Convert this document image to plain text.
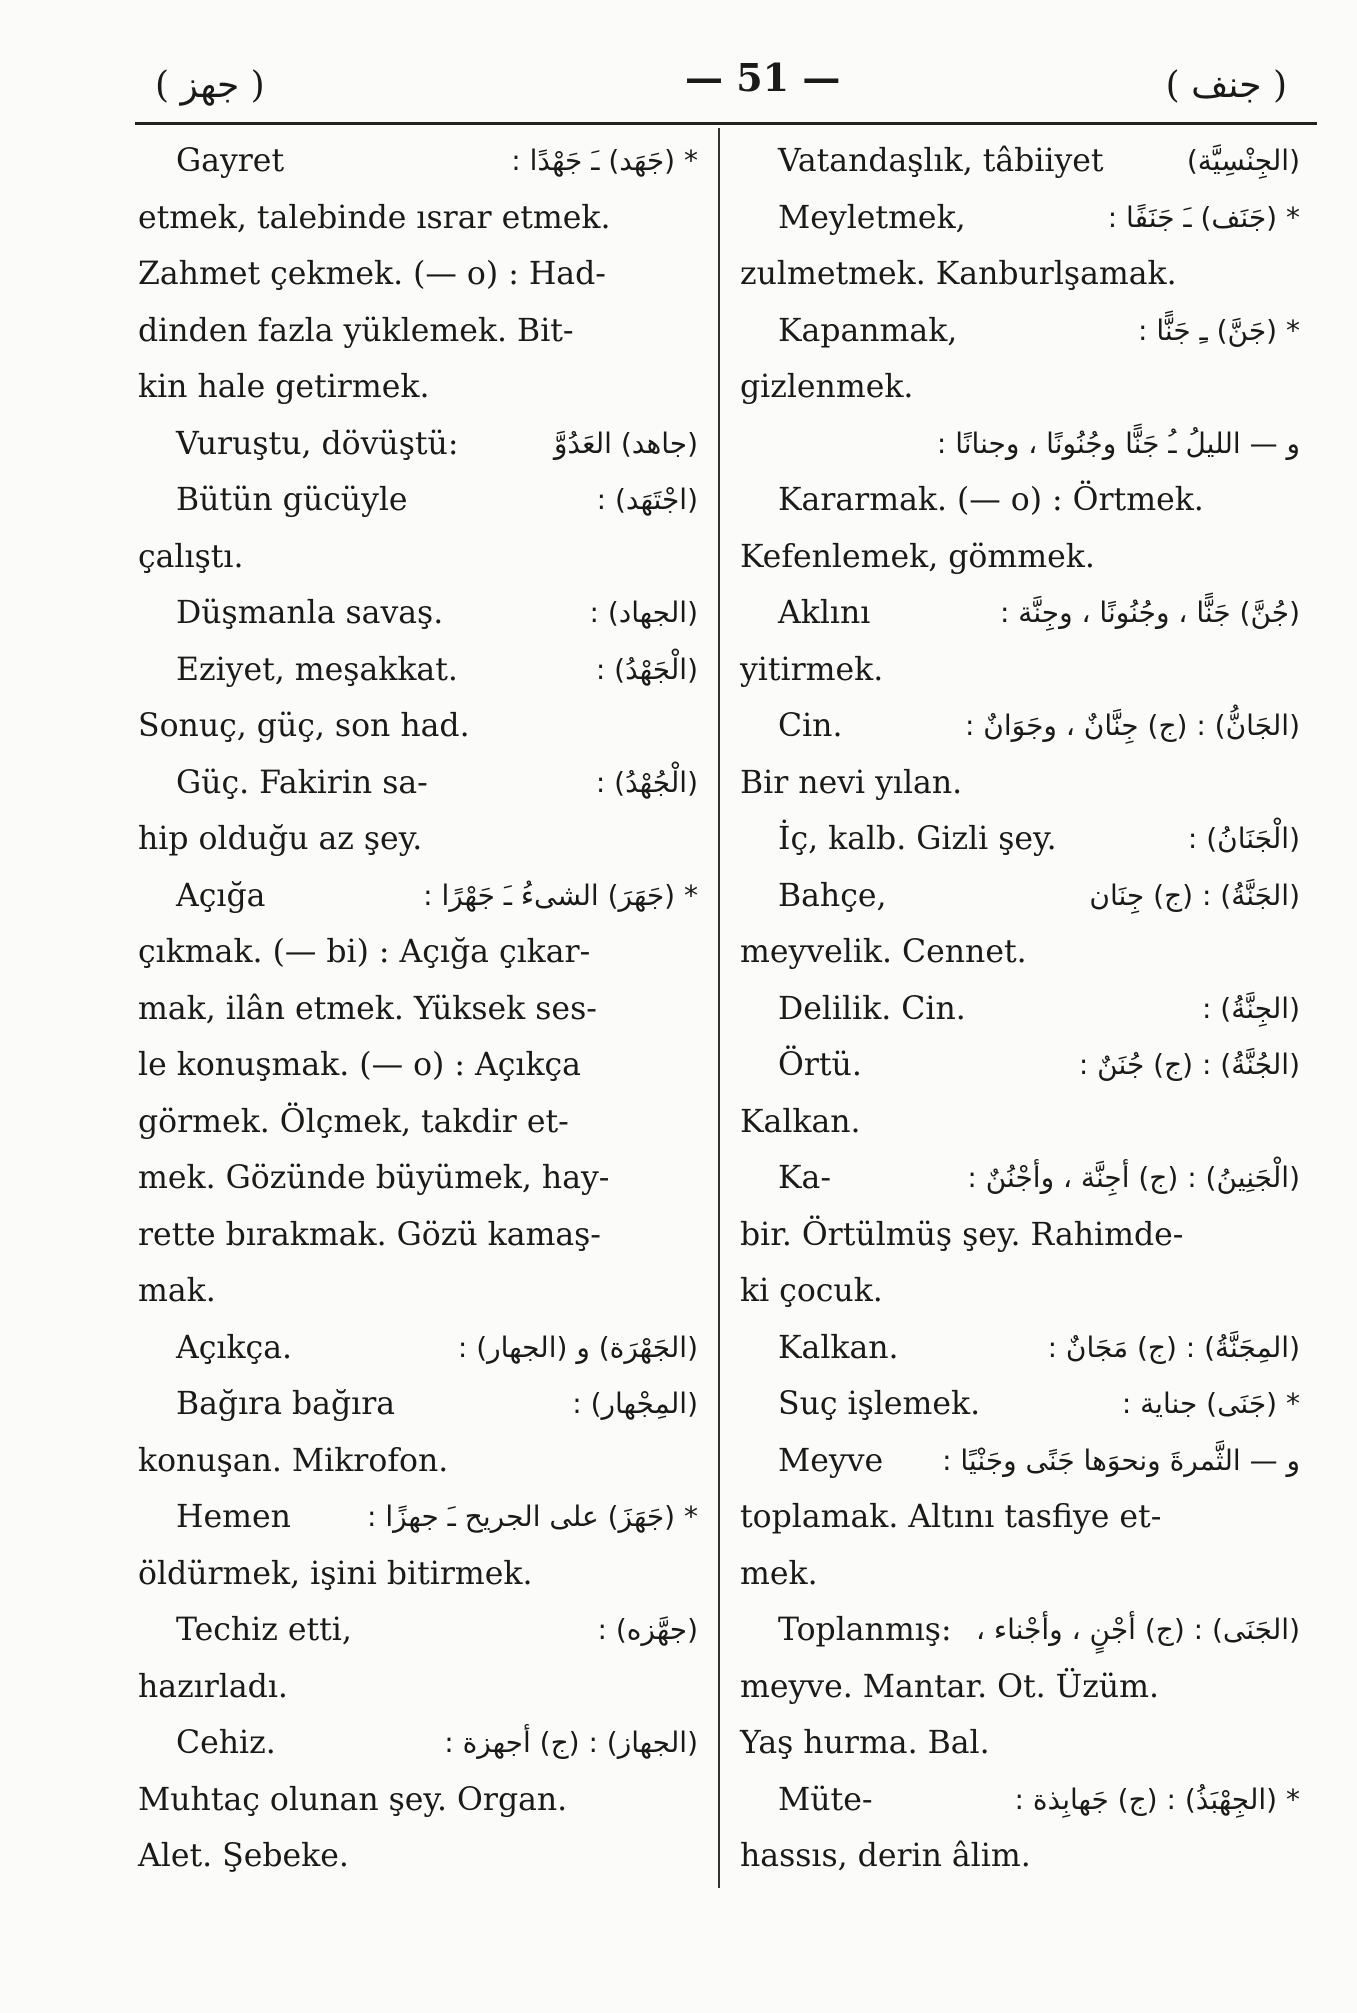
( جهز )	— 51 —	( جنف )
Gayret	* (جَهَد) ـَ جَهْدًا :
etmek, talebinde ısrar etmek.
Zahmet çekmek. (— o) : Had-
dinden fazla yüklemek. Bit-
kin hale getirmek.
Vuruştu, dövüştü:	(جاهد) العَدُوَّ
Bütün gücüyle	(اجْتَهَد) :
çalıştı.
Düşmanla savaş.	(الجهاد) :
Eziyet, meşakkat.	(الْجَهْدُ) :
Sonuç, güç, son had.
Güç. Fakirin sa-	(الْجُهْدُ) :
hip olduğu az şey.
Açığa	* (جَهَرَ) الشىءُ ـَ جَهْرًا :
çıkmak. (— bi) : Açığa çıkar-
mak, ilân etmek. Yüksek ses-
le konuşmak. (— o) : Açıkça
görmek. Ölçmek, takdir et-
mek. Gözünde büyümek, hay-
rette bırakmak. Gözü kamaş-
mak.
Açıkça.	(الجَهْرَة) و (الجهار) :
Bağıra bağıra	(المِجْهار) :
konuşan. Mikrofon.
Hemen	* (جَهَزَ) على الجريح ـَ جهزًا :
öldürmek, işini bitirmek.
Techiz etti,	(جهَّزه) :
hazırladı.
Cehiz.	(الجهاز) : (ج) أجهزة :
Muhtaç olunan şey. Organ.
Alet. Şebeke.
Vatandaşlık, tâbiiyet	(الجِنْسِيَّة)
Meyletmek,	* (جَنَف) ـَ جَنَفًا :
zulmetmek. Kanburlşamak.
Kapanmak,	* (جَنَّ) ـِ جَنًّا :
gizlenmek.
و — الليلُ ـُ جَنًّا وجُنُونًا ، وجنانًا :
Kararmak. (— o) : Örtmek.
Kefenlemek, gömmek.
Aklını	(جُنَّ) جَنًّا ، وجُنُونًا ، وجِنَّة :
yitirmek.
Cin.	(الجَانُّ) : (ج) جِنَّانٌ ، وجَوَانٌ :
Bir nevi yılan.
İç, kalb. Gizli şey.	(الْجَنَانُ) :
Bahçe,	(الجَنَّةُ) : (ج) جِنَان
meyvelik. Cennet.
Delilik. Cin.	(الجِنَّةُ) :
Örtü.	(الجُنَّةُ) : (ج) جُنَنٌ :
Kalkan.
Ka-	(الْجَنِينُ) : (ج) أجِنَّة ، وأجْنُنٌ :
bir. Örtülmüş şey. Rahimde-
ki çocuk.
Kalkan.	(المِجَنَّةُ) : (ج) مَجَانٌ :
Suç işlemek.	* (جَنَى) جناية :
Meyve و — الثَّمرةَ ونحوَها جَنًى وجَنْيًا :
toplamak. Altını tasfiye et-
mek.
Toplanmış: (الجَنَى) : (ج) أجْنٍ ، وأجْناء ،
meyve. Mantar. Ot. Üzüm.
Yaş hurma. Bal.
Müte-	* (الجِهْبَذُ) : (ج) جَهابِذة :
hassıs, derin âlim.
